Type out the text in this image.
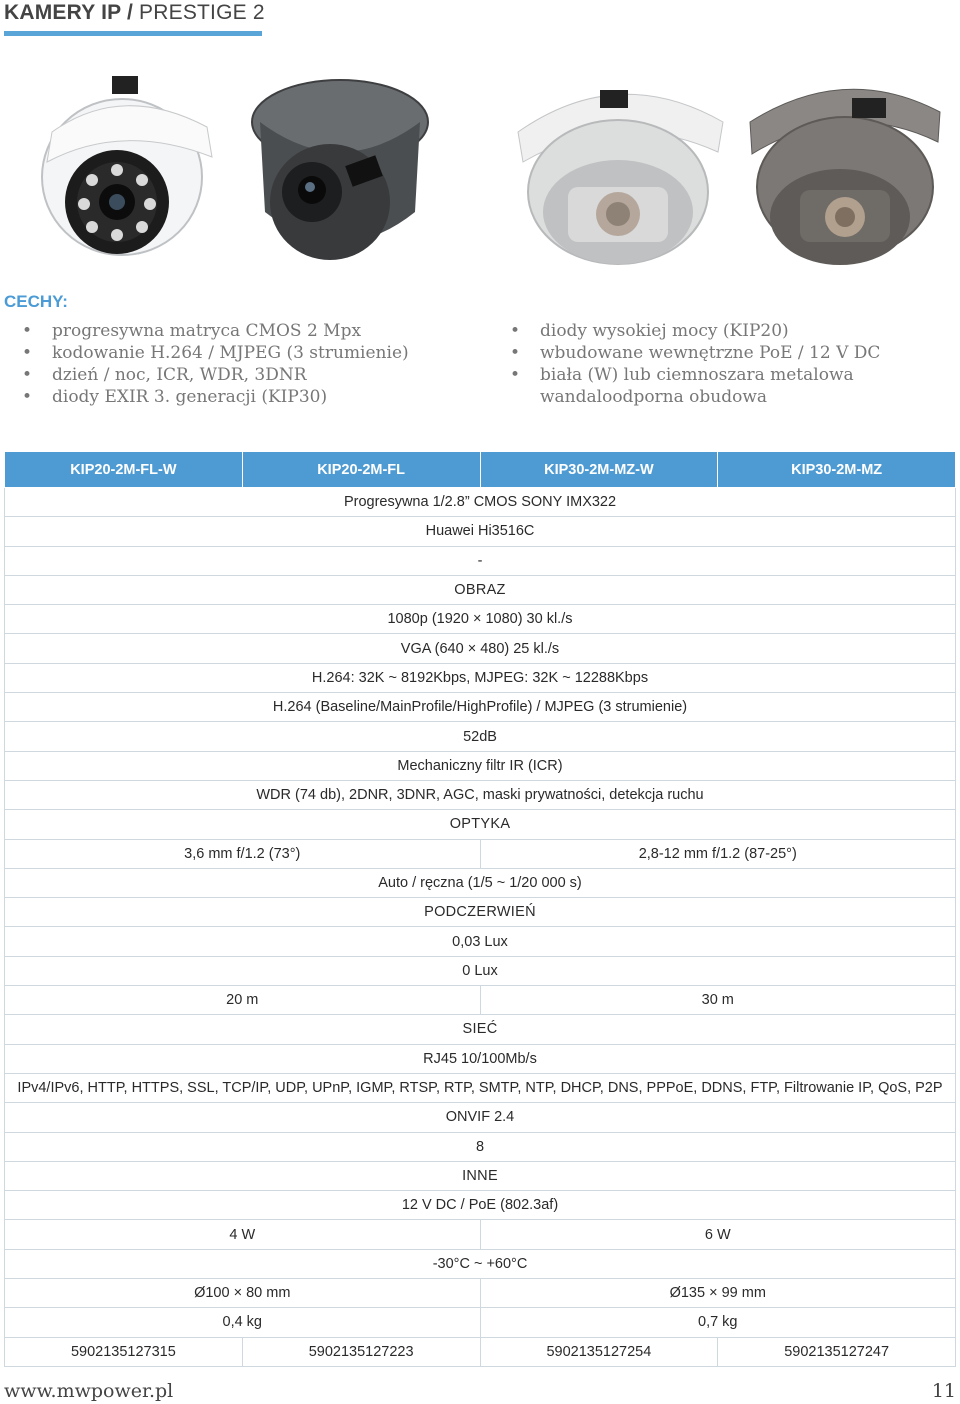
KAMERY IP / PRESTIGE 2
CECHY:
• progresywna matryca CMOS 2 Mpx
• kodowanie H.264 / MJPEG (3 strumienie)
• dzień / noc, ICR, WDR, 3DNR
• diody EXIR 3. generacji (KIP30)
• diody wysokiej mocy (KIP20)
• wbudowane wewnętrzne PoE / 12 V DC
• biała (W) lub ciemnoszara metalowa
wandaloodporna obudowa
KIP20-2M-FL-W	KIP20-2M-FL	KIP30-2M-MZ-W	KIP30-2M-MZ
Progresywna 1/2.8” CMOS SONY IMX322			
Huawei Hi3516C			
-			
OBRAZ			
1080p (1920 × 1080) 30 kl./s			
VGA (640 × 480) 25 kl./s			
H.264: 32K ~ 8192Kbps, MJPEG: 32K ~ 12288Kbps			
H.264 (Baseline/MainProfile/HighProfile) / MJPEG (3 strumienie)			
52dB			
Mechaniczny filtr IR (ICR)			
WDR (74 db), 2DNR, 3DNR, AGC, maski prywatności, detekcja ruchu			
OPTYKA			
3,6 mm f/1.2 (73°)		2,8-12 mm f/1.2 (87-25°)	
Auto / ręczna (1/5 ~ 1/20 000 s)			
PODCZERWIEŃ			
0,03 Lux			
0 Lux			
20 m		30 m	
SIEĆ			
RJ45 10/100Mb/s			
IPv4/IPv6, HTTP, HTTPS, SSL, TCP/IP, UDP, UPnP, IGMP, RTSP, RTP, SMTP, NTP, DHCP, DNS, PPPoE, DDNS, FTP, Filtrowanie IP, QoS, P2P			
ONVIF 2.4			
8			
INNE			
12 V DC / PoE (802.3af)			
4 W		6 W	
-30°C ~ +60°C			
Ø100 × 80 mm		Ø135 × 99 mm	
0,4 kg		0,7 kg	
5902135127315	5902135127223	5902135127254	5902135127247
www.mwpower.pl	11
